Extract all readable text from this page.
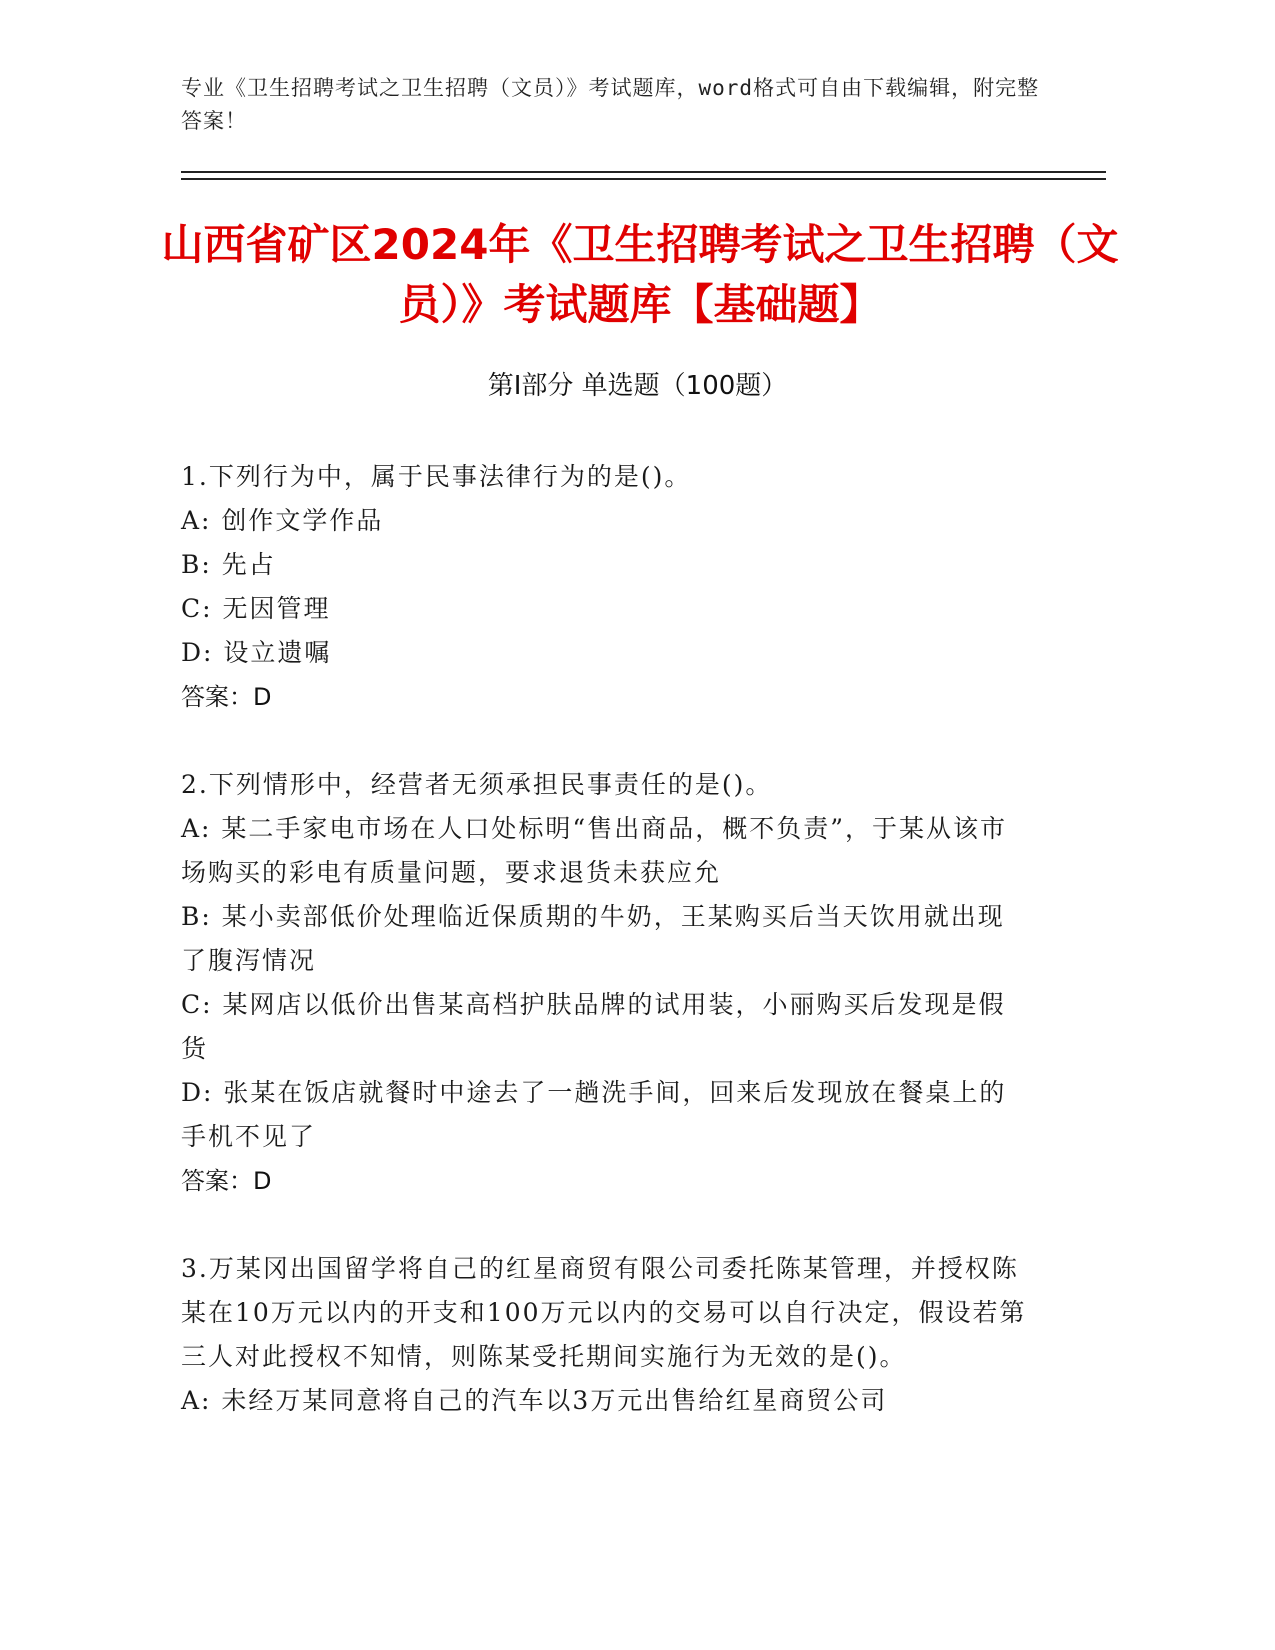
专业《卫生招聘考试之卫生招聘（文员）》考试题库，word格式可自由下载编辑，附完整答案！
山西省矿区2024年《卫生招聘考试之卫生招聘（文员）》考试题库【基础题】
第Ⅰ部分 单选题（100题）
1.下列行为中，属于民事法律行为的是()。
A: 创作文学作品
B: 先占
C: 无因管理
D: 设立遗嘱
答案：D
2.下列情形中，经营者无须承担民事责任的是()。
A: 某二手家电市场在人口处标明“售出商品，概不负责”，于某从该市场购买的彩电有质量问题，要求退货未获应允
B: 某小卖部低价处理临近保质期的牛奶，王某购买后当天饮用就出现了腹泻情况
C: 某网店以低价出售某高档护肤品牌的试用装，小丽购买后发现是假货
D: 张某在饭店就餐时中途去了一趟洗手间，回来后发现放在餐桌上的手机不见了
答案：D
3.万某冈出国留学将自己的红星商贸有限公司委托陈某管理，并授权陈某在10万元以内的开支和100万元以内的交易可以自行决定，假设若第三人对此授权不知情，则陈某受托期间实施行为无效的是()。
A: 未经万某同意将自己的汽车以3万元出售给红星商贸公司
